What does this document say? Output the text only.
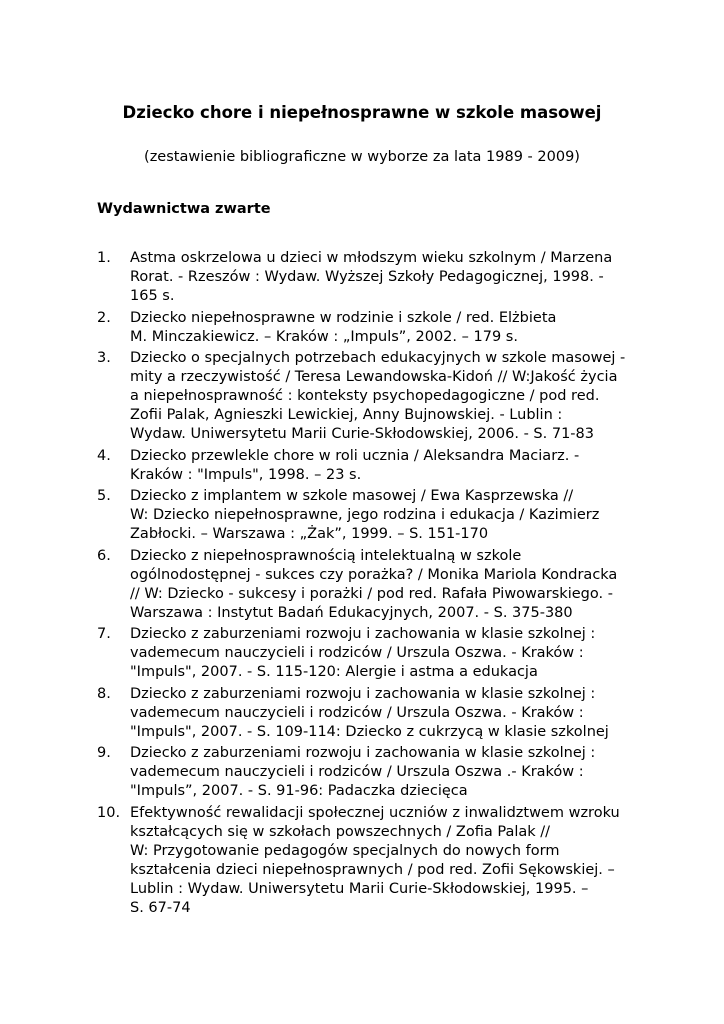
Dziecko chore i niepełnosprawne w szkole masowej

(zestawienie bibliograficzne w wyborze za lata 1989 - 2009)

Wydawnictwa zwarte
1. Astma oskrzelowa u dzieci w młodszym wieku szkolnym / Marzena
Rorat. - Rzeszów : Wydaw. Wyższej Szkoły Pedagogicznej, 1998. -
165 s.
2. Dziecko niepełnosprawne w rodzinie i szkole / red. Elżbieta
M. Minczakiewicz. – Kraków : „Impuls”, 2002. – 179 s.
3. Dziecko o specjalnych potrzebach edukacyjnych w szkole masowej -
mity a rzeczywistość / Teresa Lewandowska-Kidoń // W:Jakość życia
a niepełnosprawność : konteksty psychopedagogiczne / pod red.
Zofii Palak, Agnieszki Lewickiej, Anny Bujnowskiej. - Lublin :
Wydaw. Uniwersytetu Marii Curie-Skłodowskiej, 2006. - S. 71-83
4. Dziecko przewlekle chore w roli ucznia / Aleksandra Maciarz. -
Kraków : "Impuls", 1998. – 23 s.
5. Dziecko z implantem w szkole masowej / Ewa Kasprzewska //
W: Dziecko niepełnosprawne, jego rodzina i edukacja / Kazimierz
Zabłocki. – Warszawa : „Żak”, 1999. – S. 151-170
6. Dziecko z niepełnosprawnością intelektualną w szkole
ogólnodostępnej - sukces czy porażka? / Monika Mariola Kondracka
// W: Dziecko - sukcesy i porażki / pod red. Rafała Piwowarskiego. -
Warszawa : Instytut Badań Edukacyjnych, 2007. - S. 375-380
7. Dziecko z zaburzeniami rozwoju i zachowania w klasie szkolnej :
vademecum nauczycieli i rodziców / Urszula Oszwa. - Kraków :
"Impuls", 2007. - S. 115-120: Alergie i astma a edukacja
8. Dziecko z zaburzeniami rozwoju i zachowania w klasie szkolnej :
vademecum nauczycieli i rodziców / Urszula Oszwa. - Kraków :
"Impuls", 2007. - S. 109-114: Dziecko z cukrzycą w klasie szkolnej
9. Dziecko z zaburzeniami rozwoju i zachowania w klasie szkolnej :
vademecum nauczycieli i rodziców / Urszula Oszwa .- Kraków :
"Impuls”, 2007. - S. 91-96: Padaczka dziecięca
10. Efektywność rewalidacji społecznej uczniów z inwalidztwem wzroku
kształcących się w szkołach powszechnych / Zofia Palak //
W: Przygotowanie pedagogów specjalnych do nowych form
kształcenia dzieci niepełnosprawnych / pod red. Zofii Sękowskiej. –
Lublin : Wydaw. Uniwersytetu Marii Curie-Skłodowskiej, 1995. –
S. 67-74
